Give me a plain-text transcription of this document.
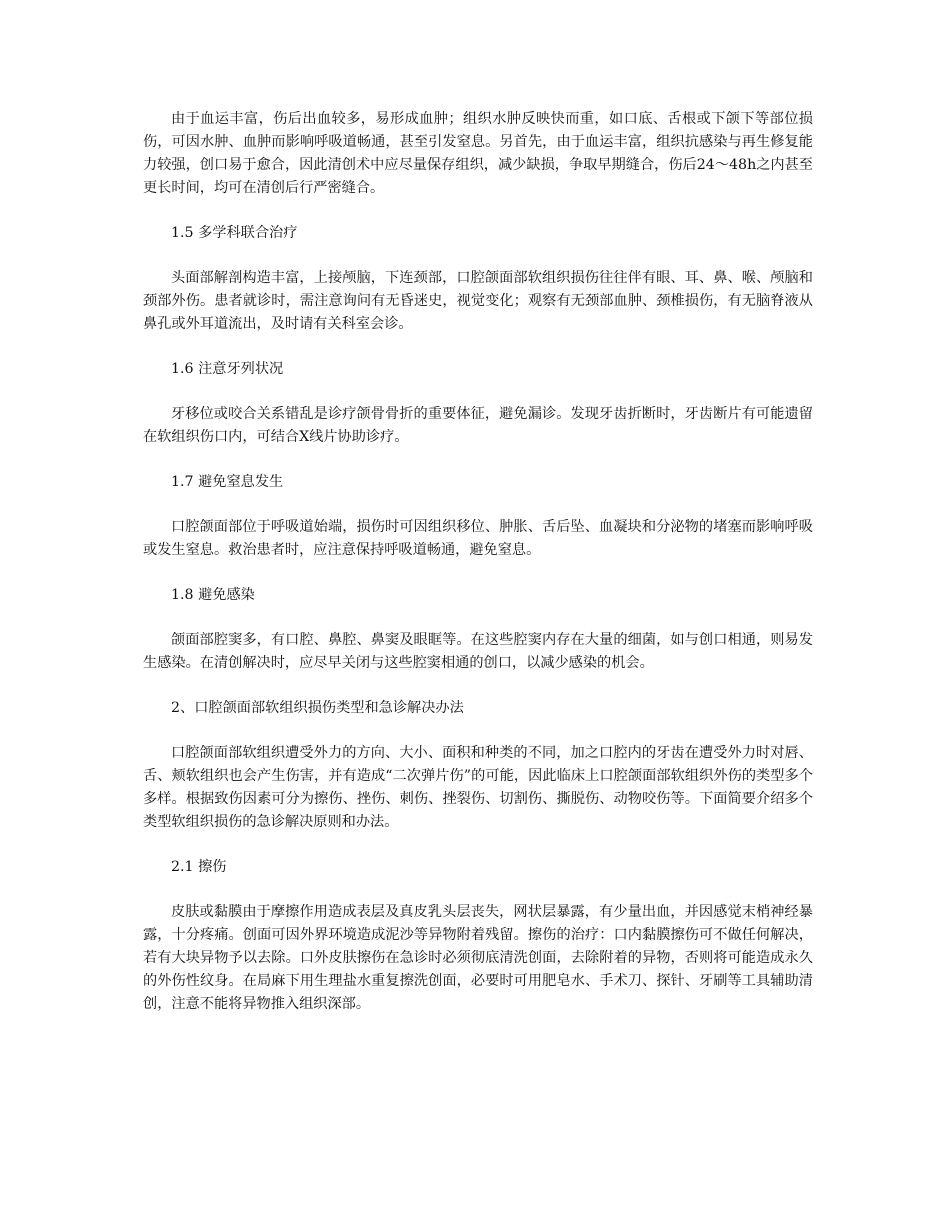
由于血运丰富，伤后出血较多，易形成血肿；组织水肿反映快而重，如口底、舌根或下颌下等部位损伤，可因水肿、血肿而影响呼吸道畅通，甚至引发窒息。另首先，由于血运丰富，组织抗感染与再生修复能力较强，创口易于愈合，因此清创术中应尽量保存组织，减少缺损，争取早期缝合，伤后24～48h之内甚至更长时间，均可在清创后行严密缝合。

1.5 多学科联合治疗

头面部解剖构造丰富，上接颅脑，下连颈部，口腔颌面部软组织损伤往往伴有眼、耳、鼻、喉、颅脑和颈部外伤。患者就诊时，需注意询问有无昏迷史，视觉变化；观察有无颈部血肿、颈椎损伤，有无脑脊液从鼻孔或外耳道流出，及时请有关科室会诊。

1.6 注意牙列状况

牙移位或咬合关系错乱是诊疗颌骨骨折的重要体征，避免漏诊。发现牙齿折断时，牙齿断片有可能遗留在软组织伤口内，可结合X线片协助诊疗。

1.7 避免窒息发生

口腔颌面部位于呼吸道始端，损伤时可因组织移位、肿胀、舌后坠、血凝块和分泌物的堵塞而影响呼吸或发生窒息。救治患者时，应注意保持呼吸道畅通，避免窒息。

1.8 避免感染

颌面部腔窦多，有口腔、鼻腔、鼻窦及眼眶等。在这些腔窦内存在大量的细菌，如与创口相通，则易发生感染。在清创解决时，应尽早关闭与这些腔窦相通的创口，以减少感染的机会。

2、口腔颌面部软组织损伤类型和急诊解决办法

口腔颌面部软组织遭受外力的方向、大小、面积和种类的不同，加之口腔内的牙齿在遭受外力时对唇、舌、颊软组织也会产生伤害，并有造成“二次弹片伤”的可能，因此临床上口腔颌面部软组织外伤的类型多个多样。根据致伤因素可分为擦伤、挫伤、刺伤、挫裂伤、切割伤、撕脱伤、动物咬伤等。下面简要介绍多个类型软组织损伤的急诊解决原则和办法。

2.1 擦伤

皮肤或黏膜由于摩擦作用造成表层及真皮乳头层丧失，网状层暴露，有少量出血，并因感觉末梢神经暴露，十分疼痛。创面可因外界环境造成泥沙等异物附着残留。擦伤的治疗：口内黏膜擦伤可不做任何解决，若有大块异物予以去除。口外皮肤擦伤在急诊时必须彻底清洗创面，去除附着的异物，否则将可能造成永久的外伤性纹身。在局麻下用生理盐水重复擦洗创面，必要时可用肥皂水、手术刀、探针、牙刷等工具辅助清创，注意不能将异物推入组织深部。
